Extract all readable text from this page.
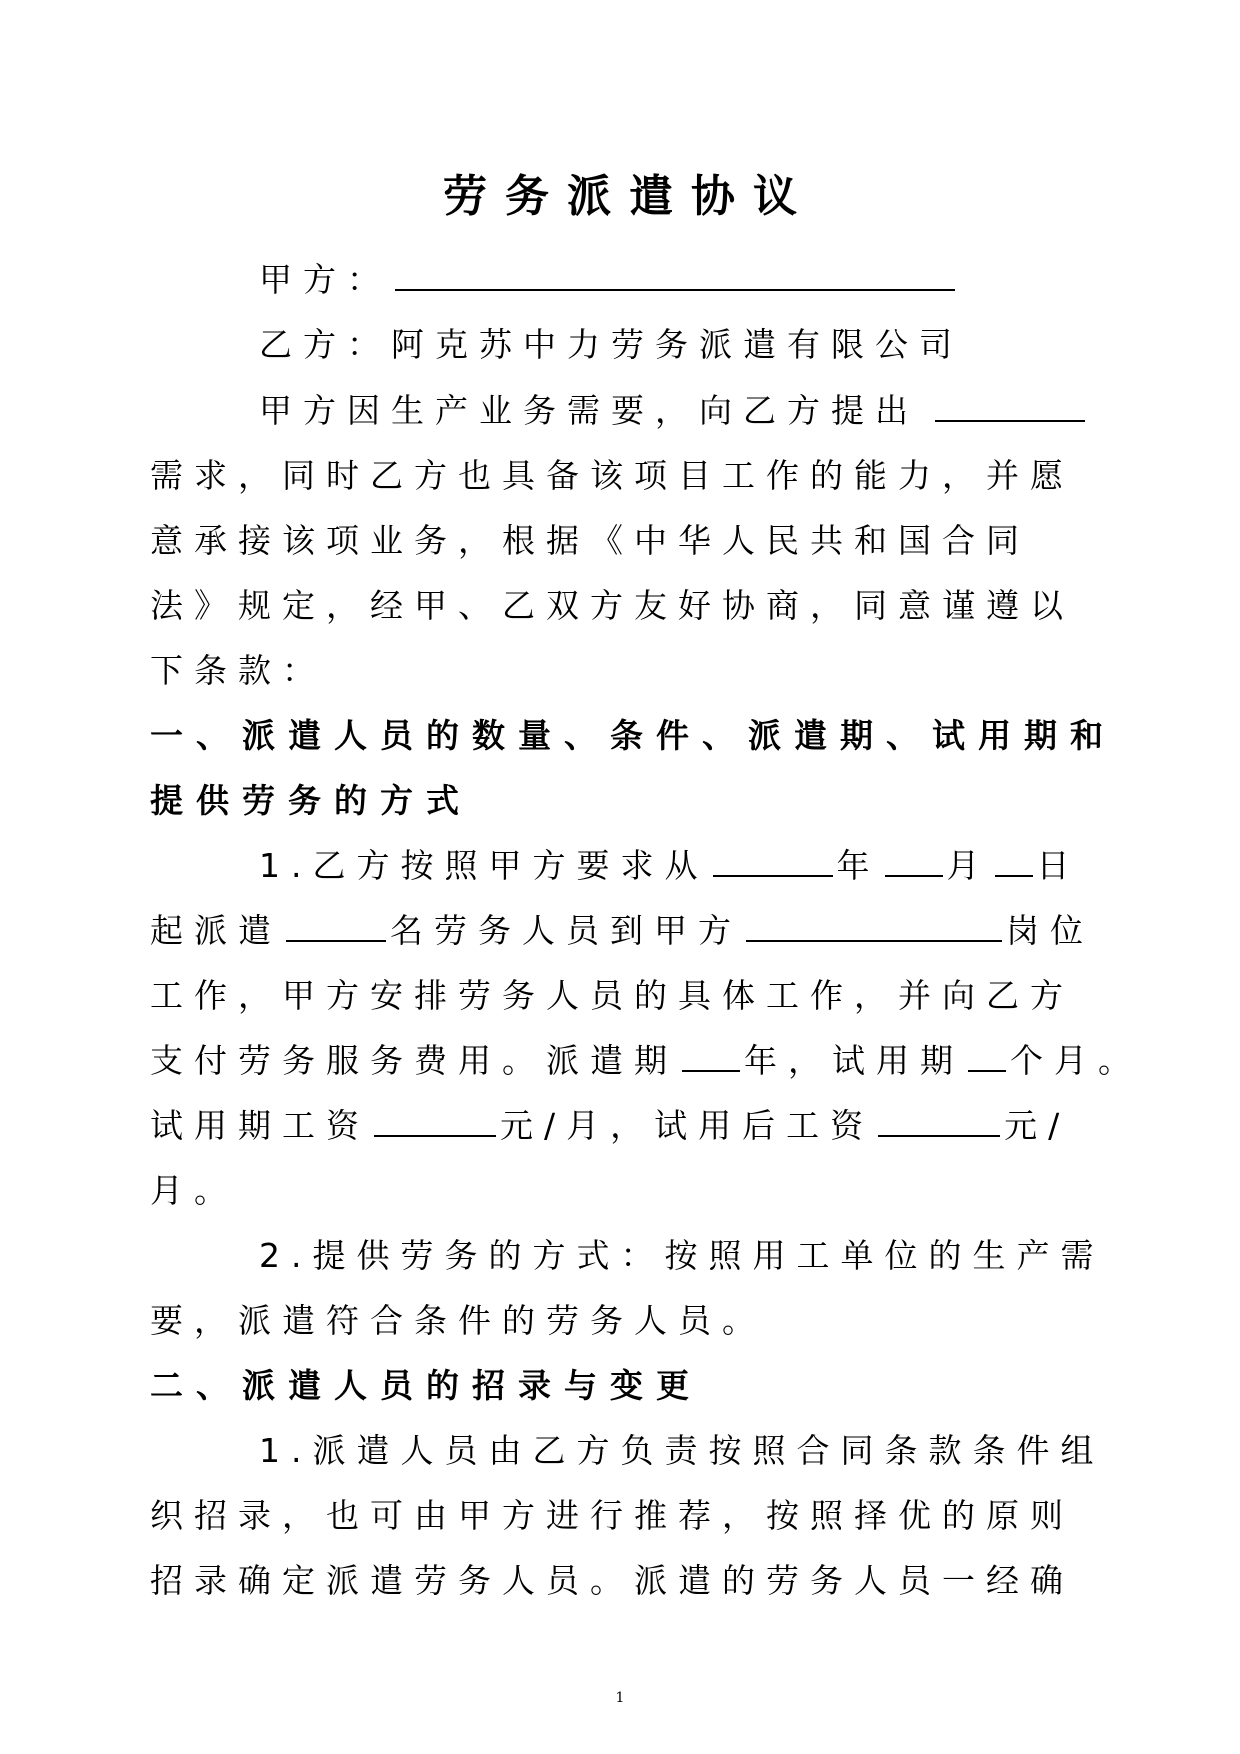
劳务派遣协议
甲方：
乙方：阿克苏中力劳务派遣有限公司
甲方因生产业务需要，向乙方提出
需求，同时乙方也具备该项目工作的能力，并愿
意承接该项业务，根据《中华人民共和国合同
法》规定，经甲、乙双方友好协商，同意谨遵以
下条款：
一、派遣人员的数量、条件、派遣期、试用期和
提供劳务的方式
1.乙方按照甲方要求从	年 月 日
起派遣	名劳务人员到甲方	岗位
工作，甲方安排劳务人员的具体工作，并向乙方
支付劳务服务费用。派遣期 年，试用期 个月。
试用期工资	元/月，试用后工资	元/
月。
2.提供劳务的方式：按照用工单位的生产需
要，派遣符合条件的劳务人员。
二、派遣人员的招录与变更
1.派遣人员由乙方负责按照合同条款条件组
织招录，也可由甲方进行推荐，按照择优的原则
招录确定派遣劳务人员。派遣的劳务人员一经确
1
